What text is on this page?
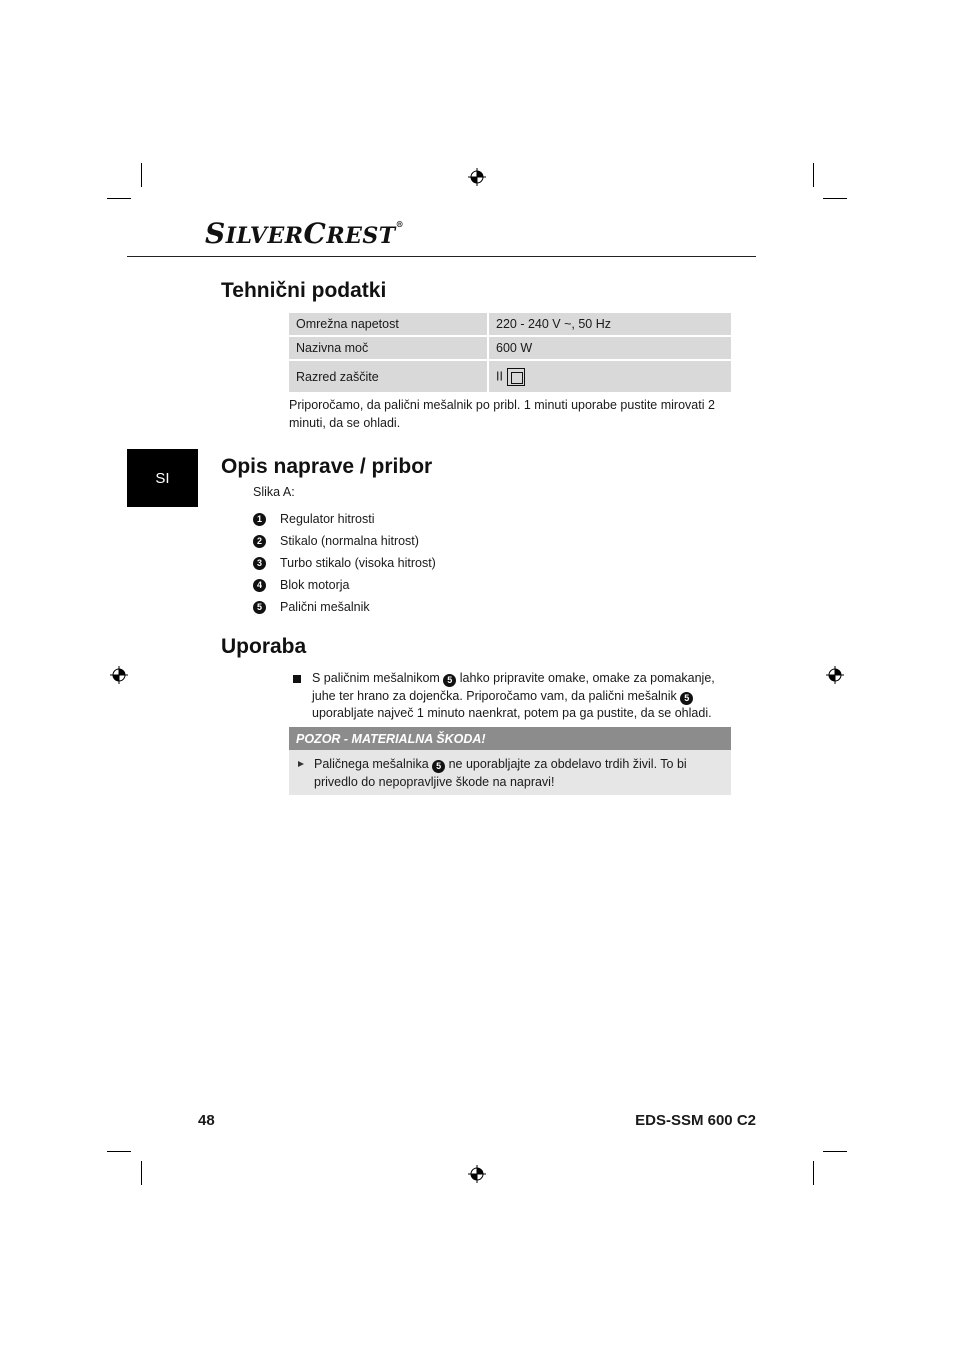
SILVERCREST®
SI
Tehnični podatki
Omrežna napetost	220 - 240 V ~, 50 Hz
Nazivna moč	600 W
Razred zaščite	II

Priporočamo, da palični mešalnik po pribl. 1 minuti uporabe pustite mirovati 2 minuti, da se ohladi.

Opis naprave / pribor
Slika A:
1	Regulator hitrosti
2	Stikalo (normalna hitrost)
3	Turbo stikalo (visoka hitrost)
4	Blok motorja
5	Palični mešalnik
Uporaba

S paličnim mešalnikom 5 lahko pripravite omake, omake za pomakanje, juhe ter hrano za dojenčka. Priporočamo vam, da palični mešalnik 5 uporabljate največ 1 minuto naenkrat, potem pa ga pustite, da se ohladi.

POZOR - MATERIALNA ŠKODA!

Paličnega mešalnika 5 ne uporabljajte za obdelavo trdih živil. To bi privedlo do nepopravljive škode na napravi!

48	EDS-SSM 600 C2
